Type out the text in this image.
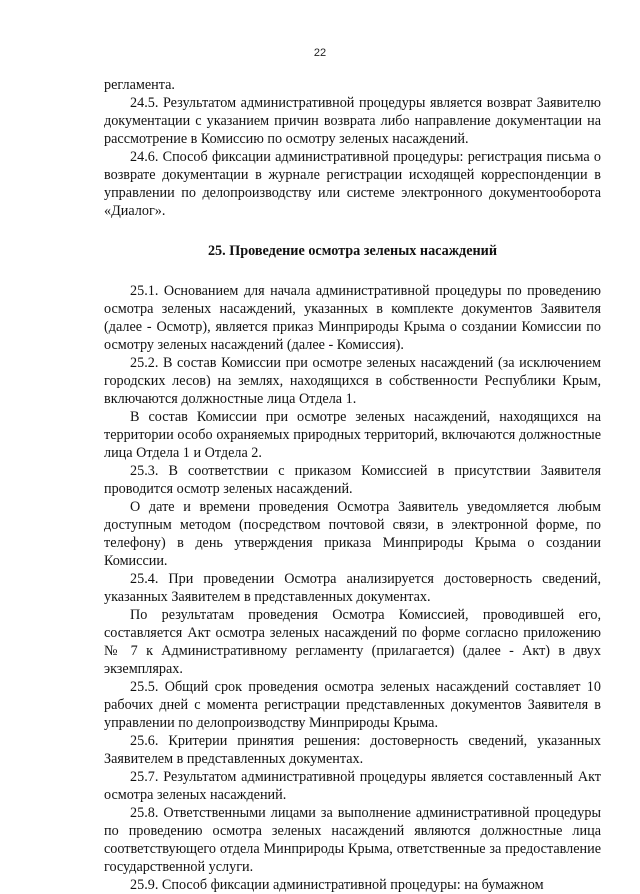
22

регламента.

24.5. Результатом административной процедуры является возврат Заявителю документации с указанием причин возврата либо направление документации на рассмотрение в Комиссию по осмотру зеленых насаждений.

24.6. Способ фиксации административной процедуры: регистрация письма о возврате документации в журнале регистрации исходящей корреспонденции в управлении по делопроизводству или системе электронного документооборота «Диалог».

25. Проведение осмотра зеленых насаждений

25.1. Основанием для начала административной процедуры по проведению осмотра зеленых насаждений, указанных в комплекте документов Заявителя (далее - Осмотр), является приказ Минприроды Крыма о создании Комиссии по осмотру зеленых насаждений (далее - Комиссия).

25.2. В состав Комиссии при осмотре зеленых насаждений (за исключением городских лесов) на землях, находящихся в собственности Республики Крым, включаются должностные лица Отдела 1.

В состав Комиссии при осмотре зеленых насаждений, находящихся на территории особо охраняемых природных территорий, включаются должностные лица Отдела 1 и Отдела 2.

25.3. В соответствии с приказом Комиссией в присутствии Заявителя проводится осмотр зеленых насаждений.

О дате и времени проведения Осмотра Заявитель уведомляется любым доступным методом (посредством почтовой связи, в электронной форме, по телефону) в день утверждения приказа Минприроды Крыма о создании Комиссии.

25.4. При проведении Осмотра анализируется достоверность сведений, указанных Заявителем в представленных документах.

По результатам проведения Осмотра Комиссией, проводившей его, составляется Акт осмотра зеленых насаждений по форме согласно приложению № 7 к Административному регламенту (прилагается) (далее - Акт) в двух экземплярах.

25.5. Общий срок проведения осмотра зеленых насаждений составляет 10 рабочих дней с момента регистрации представленных документов Заявителя в управлении по делопроизводству Минприроды Крыма.

25.6. Критерии принятия решения: достоверность сведений, указанных Заявителем в представленных документах.

25.7. Результатом административной процедуры является составленный Акт осмотра зеленых насаждений.

25.8. Ответственными лицами за выполнение административной процедуры по проведению осмотра зеленых насаждений являются должностные лица соответствующего отдела Минприроды Крыма, ответственные за предоставление государственной услуги.

25.9. Способ фиксации административной процедуры: на бумажном
